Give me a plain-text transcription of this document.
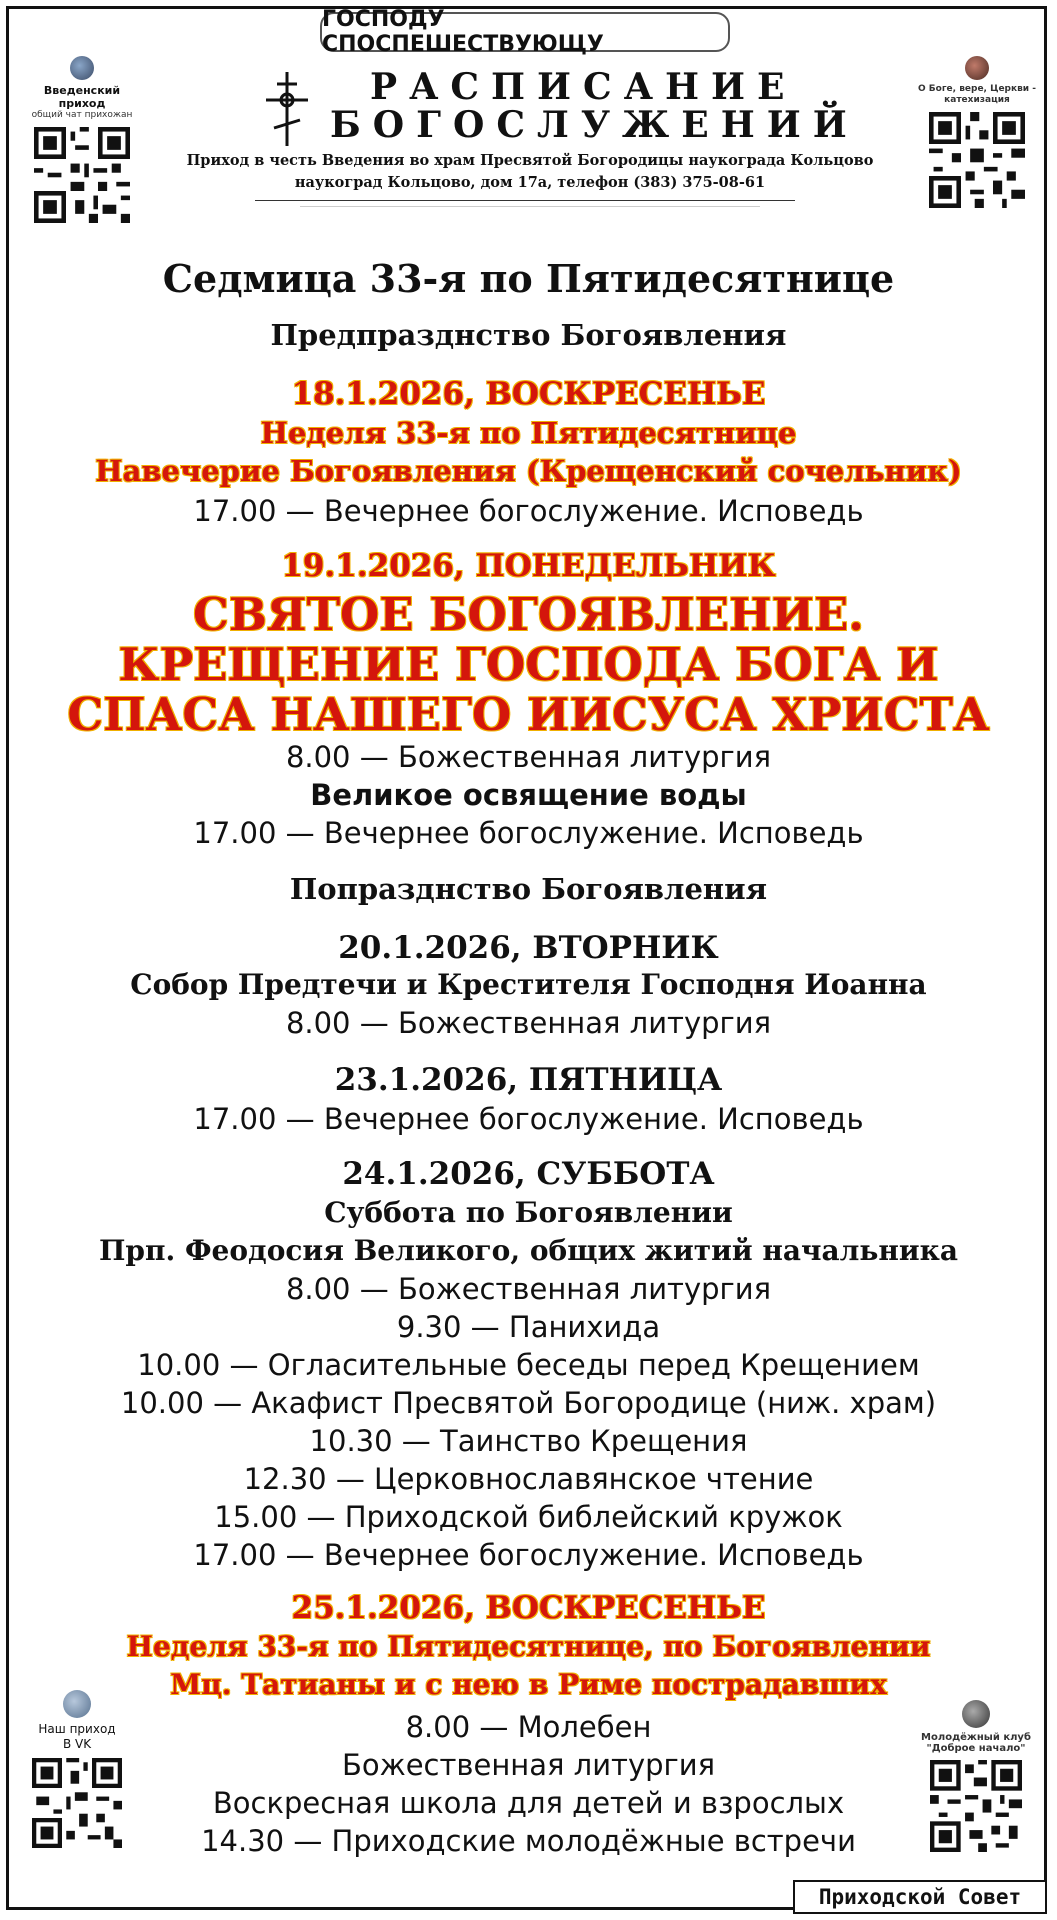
ГОСПОДУ СПОСПЕШЕСТВУЮЩУ
Введенский приход
общий чат прихожан
О Боге, вере, Церкви -
катехизация
РАСПИСАНИЕ
БОГОСЛУЖЕНИЙ
Приход в честь Введения во храм Пресвятой Богородицы наукограда Кольцово
наукоград Кольцово, дом 17а, телефон (383) 375-08-61
Седмица 33-я по Пятидесятнице
Предпразднство Богоявления
18.1.2026, ВОСКРЕСЕНЬЕ
Неделя 33-я по Пятидесятнице
Навечерие Богоявления (Крещенский сочельник)
17.00 — Вечернее богослужение. Исповедь
19.1.2026, ПОНЕДЕЛЬНИК
СВЯТОЕ БОГОЯВЛЕНИЕ.
КРЕЩЕНИЕ ГОСПОДА БОГА И
СПАСА НАШЕГО ИИСУСА ХРИСТА
8.00 — Божественная литургия
Великое освящение воды
17.00 — Вечернее богослужение. Исповедь
Попразднство Богоявления
20.1.2026, ВТОРНИК
Собор Предтечи и Крестителя Господня Иоанна
8.00 — Божественная литургия
23.1.2026, ПЯТНИЦА
17.00 — Вечернее богослужение. Исповедь
24.1.2026, СУББОТА
Суббота по Богоявлении
Прп. Феодосия Великого, общих житий начальника
8.00 — Божественная литургия
9.30 — Панихида
10.00 — Огласительные беседы перед Крещением
10.00 — Акафист Пресвятой Богородице (ниж. храм)
10.30 — Таинство Крещения
12.30 — Церковнославянское чтение
15.00 — Приходской библейский кружок
17.00 — Вечернее богослужение. Исповедь
25.1.2026, ВОСКРЕСЕНЬЕ
Неделя 33-я по Пятидесятнице, по Богоявлении
Мц. Татианы и с нею в Риме пострадавших
8.00 — Молебен
Божественная литургия
Воскресная школа для детей и взрослых
14.30 — Приходские молодёжные встречи
Наш приход
В VK	Молодёжный клуб
"Доброе начало"
Приходской Совет
